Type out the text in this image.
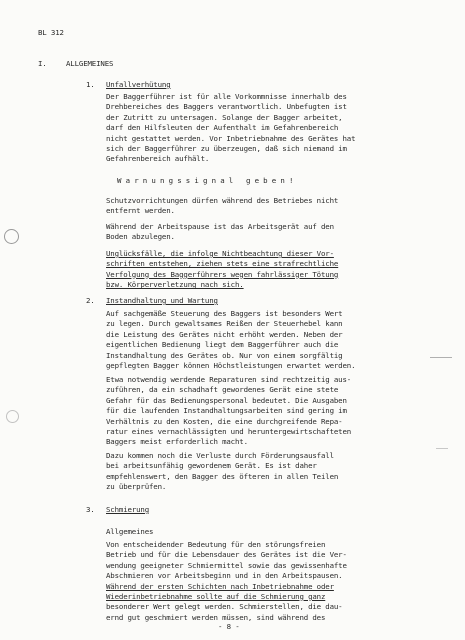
BL 312
I.	ALLGEMEINES
1. Unfallverhütung
Der Baggerführer ist für alle Vorkommnisse innerhalb des
Drehbereiches des Baggers verantwortlich. Unbefugten ist
der Zutritt zu untersagen. Solange der Bagger arbeitet,
darf den Hilfsleuten der Aufenthalt im Gefahrenbereich
nicht gestattet werden. Vor Inbetriebnahme des Gerätes hat
sich der Baggerführer zu überzeugen, daß sich niemand im
Gefahrenbereich aufhält.
W a r n u n g s s i g n a l   g e b e n !
Schutzvorrichtungen dürfen während des Betriebes nicht
entfernt werden.
Während der Arbeitspause ist das Arbeitsgerät auf den
Boden abzulegen.
Unglücksfälle, die infolge Nichtbeachtung dieser Vor-
schriften entstehen, ziehen stets eine strafrechtliche
Verfolgung des Baggerführers wegen fahrlässiger Tötung
bzw. Körperverletzung nach sich.
2. Instandhaltung und Wartung
Auf sachgemäße Steuerung des Baggers ist besonders Wert
zu legen. Durch gewaltsames Reißen der Steuerhebel kann
die Leistung des Gerätes nicht erhöht werden. Neben der
eigentlichen Bedienung liegt dem Baggerführer auch die
Instandhaltung des Gerätes ob. Nur von einem sorgfältig
gepflegten Bagger können Höchstleistungen erwartet werden.
Etwa notwendig werdende Reparaturen sind rechtzeitig aus-
zuführen, da ein schadhaft gewordenes Gerät eine stete
Gefahr für das Bedienungspersonal bedeutet. Die Ausgaben
für die laufenden Instandhaltungsarbeiten sind gering im
Verhältnis zu den Kosten, die eine durchgreifende Repa-
ratur eines vernachlässigten und heruntergewirtschafteten
Baggers meist erforderlich macht.
Dazu kommen noch die Verluste durch Förderungsausfall
bei arbeitsunfähig gewordenem Gerät. Es ist daher
empfehlenswert, den Bagger des öfteren in allen Teilen
zu überprüfen.
3. Schmierung
Allgemeines
Von entscheidender Bedeutung für den störungsfreien
Betrieb und für die Lebensdauer des Gerätes ist die Ver-
wendung geeigneter Schmiermittel sowie das gewissenhafte
Abschmieren vor Arbeitsbeginn und in den Arbeitspausen.
Während der ersten Schichten nach Inbetriebnahme oder
Wiederinbetriebnahme sollte auf die Schmierung ganz
besonderer Wert gelegt werden. Schmierstellen, die dau-
ernd gut geschmiert werden müssen, sind während des
- 8 -
